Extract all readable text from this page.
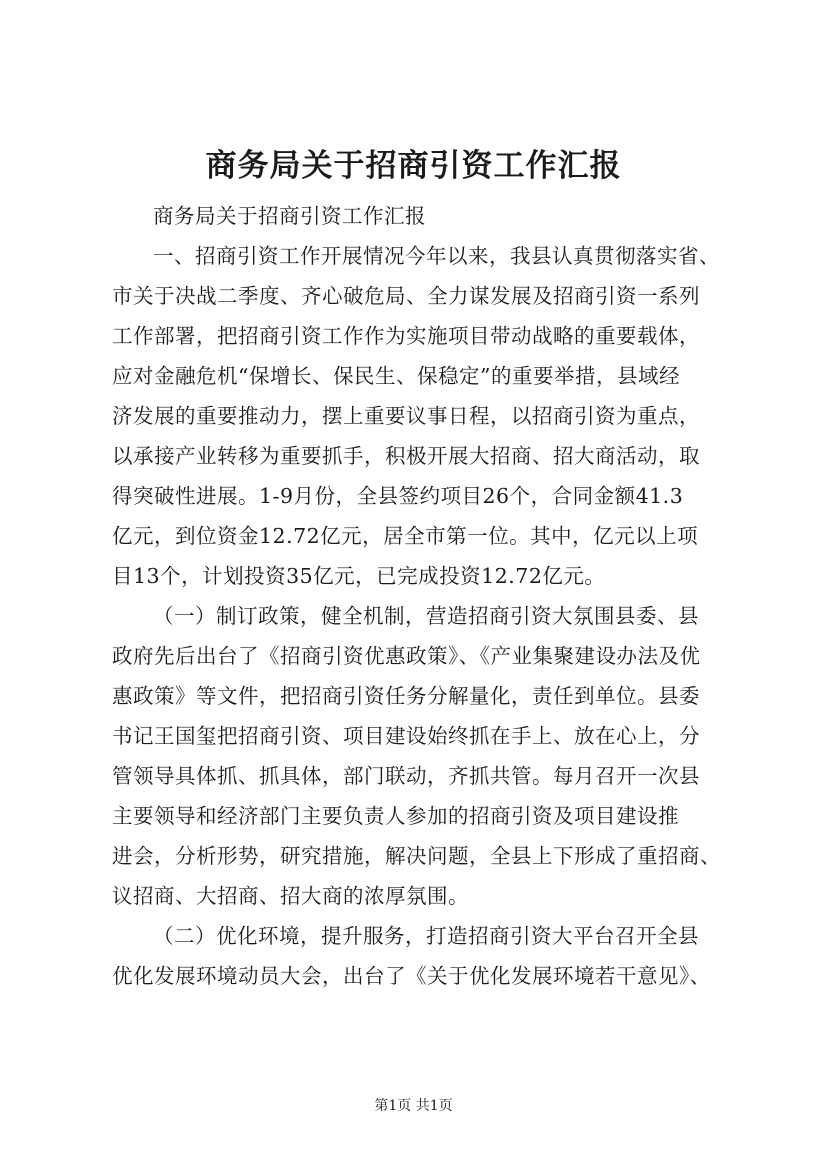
商务局关于招商引资工作汇报
商务局关于招商引资工作汇报
一、招商引资工作开展情况今年以来，我县认真贯彻落实省、
市关于决战二季度、齐心破危局、全力谋发展及招商引资一系列
工作部署，把招商引资工作作为实施项目带动战略的重要载体，
应对金融危机“保增长、保民生、保稳定”的重要举措，县域经
济发展的重要推动力，摆上重要议事日程，以招商引资为重点，
以承接产业转移为重要抓手，积极开展大招商、招大商活动，取
得突破性进展。1-9月份，全县签约项目26个，合同金额41.3
亿元，到位资金12.72亿元，居全市第一位。其中，亿元以上项
目13个，计划投资35亿元，已完成投资12.72亿元。
（一）制订政策，健全机制，营造招商引资大氛围县委、县
政府先后出台了《招商引资优惠政策》、《产业集聚建设办法及优
惠政策》等文件，把招商引资任务分解量化，责任到单位。县委
书记王国玺把招商引资、项目建设始终抓在手上、放在心上，分
管领导具体抓、抓具体，部门联动，齐抓共管。每月召开一次县
主要领导和经济部门主要负责人参加的招商引资及项目建设推
进会，分析形势，研究措施，解决问题，全县上下形成了重招商、
议招商、大招商、招大商的浓厚氛围。
（二）优化环境，提升服务，打造招商引资大平台召开全县
优化发展环境动员大会，出台了《关于优化发展环境若干意见》、
第1页 共1页
